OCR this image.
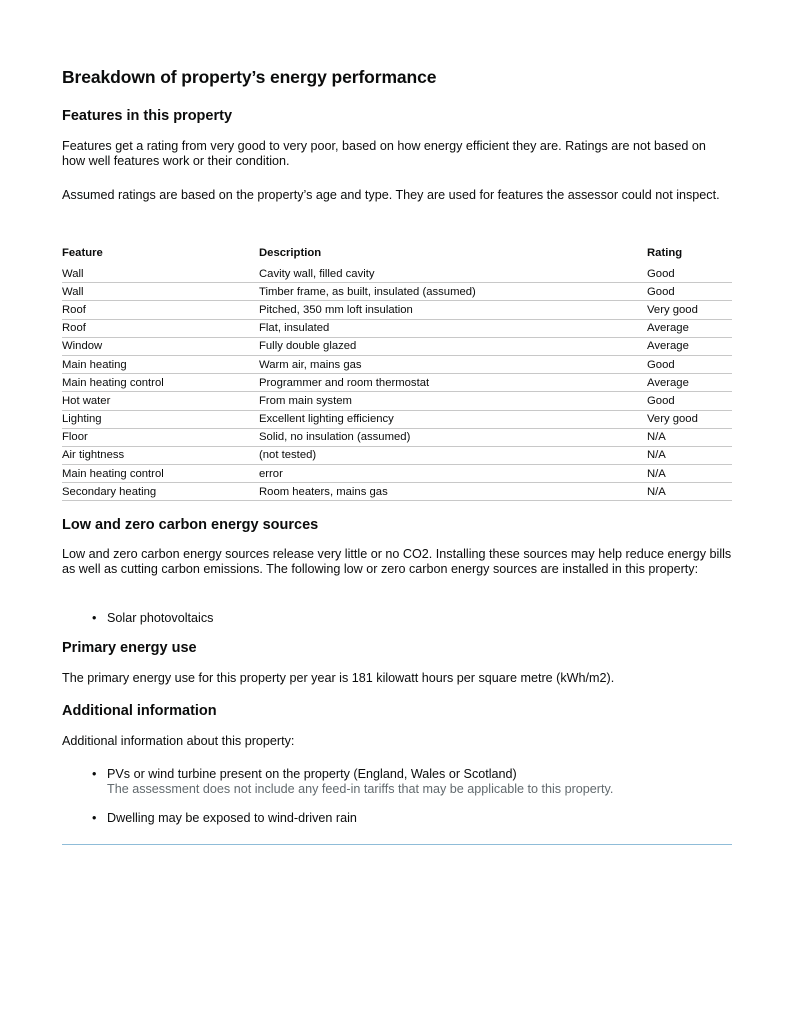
Breakdown of property’s energy performance
Features in this property

Features get a rating from very good to very poor, based on how energy efficient they are. Ratings are not based on how well features work or their condition.

Assumed ratings are based on the property’s age and type. They are used for features the assessor could not inspect.

Feature	Description	Rating
Wall	Cavity wall, filled cavity	Good
Wall	Timber frame, as built, insulated (assumed)	Good
Roof	Pitched, 350 mm loft insulation	Very good
Roof	Flat, insulated	Average
Window	Fully double glazed	Average
Main heating	Warm air, mains gas	Good
Main heating control	Programmer and room thermostat	Average
Hot water	From main system	Good
Lighting	Excellent lighting efficiency	Very good
Floor	Solid, no insulation (assumed)	N/A
Air tightness	(not tested)	N/A
Main heating control	error	N/A
Secondary heating	Room heaters, mains gas	N/A
Low and zero carbon energy sources

Low and zero carbon energy sources release very little or no CO2. Installing these sources may help reduce energy bills as well as cutting carbon emissions. The following low or zero carbon energy sources are installed in this property:

• Solar photovoltaics
Primary energy use

The primary energy use for this property per year is 181 kilowatt hours per square metre (kWh/m2).

Additional information

Additional information about this property:

• PVs or wind turbine present on the property (England, Wales or Scotland)
The assessment does not include any feed-in tariffs that may be applicable to this property.
• Dwelling may be exposed to wind-driven rain
